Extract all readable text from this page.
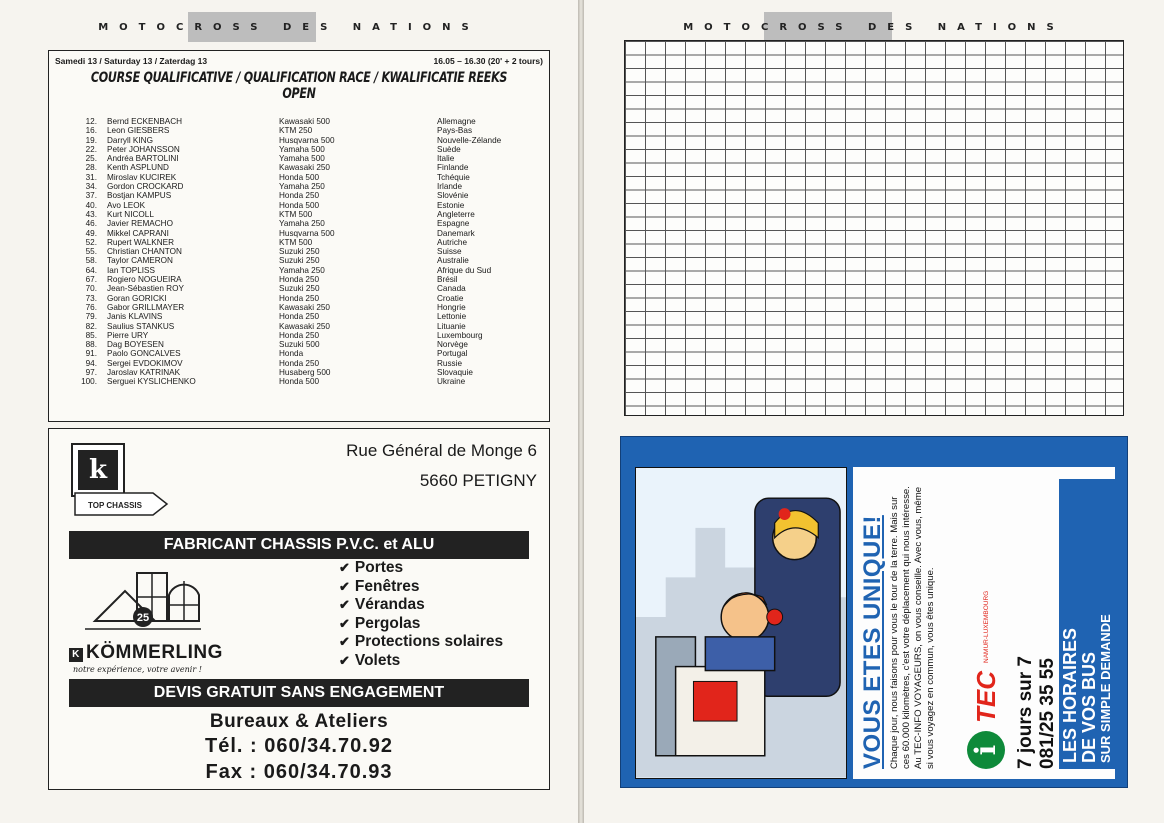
MOTOCROSS DES NATIONS
Samedi 13 / Saturday 13 / Zaterdag 13	16.05 – 16.30 (20' + 2 tours)
COURSE QUALIFICATIVE / QUALIFICATION RACE / KWALIFICATIE REEKS OPEN
12.	Bernd ECKENBACH	Kawasaki 500	Allemagne
16.	Leon GIESBERS	KTM 250	Pays-Bas
19.	Darryll KING	Husqvarna 500	Nouvelle-Zélande
22.	Peter JOHANSSON	Yamaha 500	Suède
25.	Andréa BARTOLINI	Yamaha 500	Italie
28.	Kenth ASPLUND	Kawasaki 250	Finlande
31.	Miroslav KUCIREK	Honda 500	Tchéquie
34.	Gordon CROCKARD	Yamaha 250	Irlande
37.	Bostjan KAMPUS	Honda 250	Slovénie
40.	Avo LEOK	Honda 500	Estonie
43.	Kurt NICOLL	KTM 500	Angleterre
46.	Javier REMACHO	Yamaha 250	Espagne
49.	Mikkel CAPRANI	Husqvarna 500	Danemark
52.	Rupert WALKNER	KTM 500	Autriche
55.	Christian CHANTON	Suzuki 250	Suisse
58.	Taylor CAMERON	Suzuki 250	Australie
64.	Ian TOPLISS	Yamaha 250	Afrique du Sud
67.	Rogiero NOGUEIRA	Honda 250	Brésil
70.	Jean-Sébastien ROY	Suzuki 250	Canada
73.	Goran GORICKI	Honda 250	Croatie
76.	Gabor GRILLMAYER	Kawasaki 250	Hongrie
79.	Janis KLAVINS	Honda 250	Lettonie
82.	Saulius STANKUS	Kawasaki 250	Lituanie
85.	Pierre URY	Honda 250	Luxembourg
88.	Dag BOYESEN	Suzuki 500	Norvège
91.	Paolo GONCALVES	Honda	Portugal
94.	Sergei EVDOKIMOV	Honda 250	Russie
97.	Jaroslav KATRINAK	Husaberg 500	Slovaquie
100.	Serguei KYSLICHENKO	Honda 500	Ukraine
k
TOP CHASSIS
Rue Général de Monge 6
5660 PETIGNY
FABRICANT CHASSIS P.V.C. et ALU
25
K KÖMMERLING
notre expérience, votre avenir !
✔ Portes
✔ Fenêtres
✔ Vérandas
✔ Pergolas
✔ Protections solaires
✔ Volets
DEVIS GRATUIT SANS ENGAGEMENT
Bureaux & Ateliers
Tél. : 060/34.70.92
Fax : 060/34.70.93
MOTOCROSS DES NATIONS
VOUS ETES UNIQUE! Chaque jour, nous faisons pour vous le tour de la terre. Mais sur ces 60.000 kilomètres, c'est votre déplacement qui nous intéresse. Au TEC-INFO VOYAGEURS, on vous conseille. Avec vous, même si vous voyagez en commun, vous êtes unique. i
TEC
NAMUR-LUXEMBOURG
7 jours sur 7 081/25 35 55 LES HORAIRES DE VOS BUS SUR SIMPLE DEMANDE
